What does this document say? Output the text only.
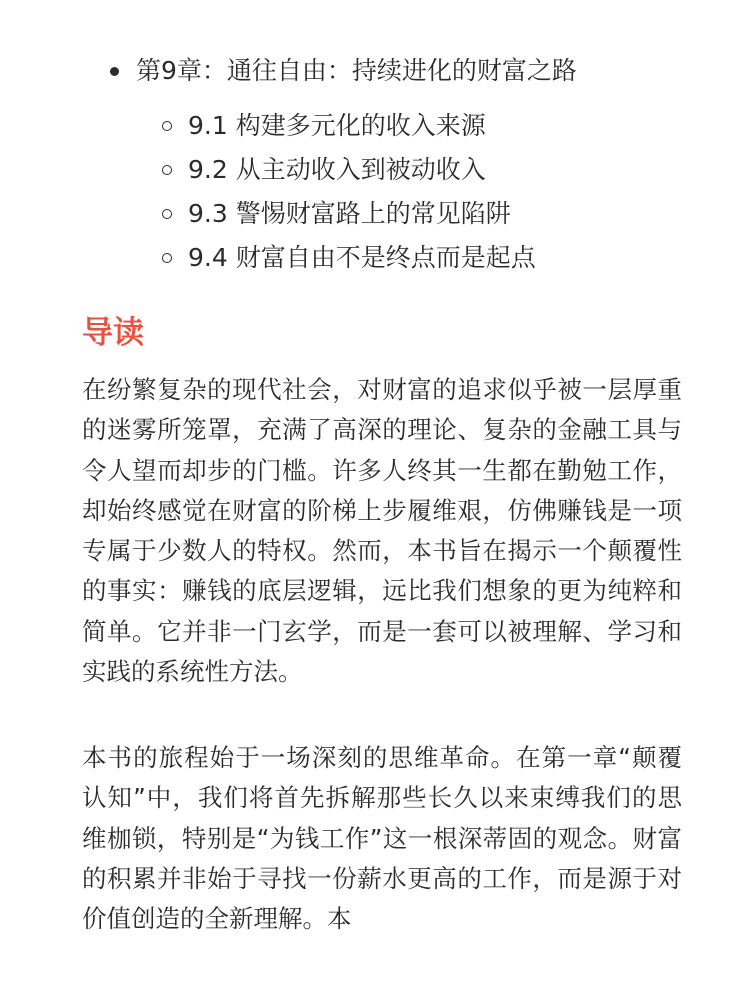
第9章：通往自由：持续进化的财富之路
9.1 构建多元化的收入来源
9.2 从主动收入到被动收入
9.3 警惕财富路上的常见陷阱
9.4 财富自由不是终点而是起点
导读

在纷繁复杂的现代社会，对财富的追求似乎被一层厚重的迷雾所笼罩，充满了高深的理论、复杂的金融工具与令人望而却步的门槛。许多人终其一生都在勤勉工作，却始终感觉在财富的阶梯上步履维艰，仿佛赚钱是一项专属于少数人的特权。然而，本书旨在揭示一个颠覆性的事实：赚钱的底层逻辑，远比我们想象的更为纯粹和简单。它并非一门玄学，而是一套可以被理解、学习和实践的系统性方法。

本书的旅程始于一场深刻的思维革命。在第一章“颠覆认知”中，我们将首先拆解那些长久以来束缚我们的思维枷锁，特别是“为钱工作”这一根深蒂固的观念。财富的积累并非始于寻找一份薪水更高的工作，而是源于对价值创造的全新理解。本
